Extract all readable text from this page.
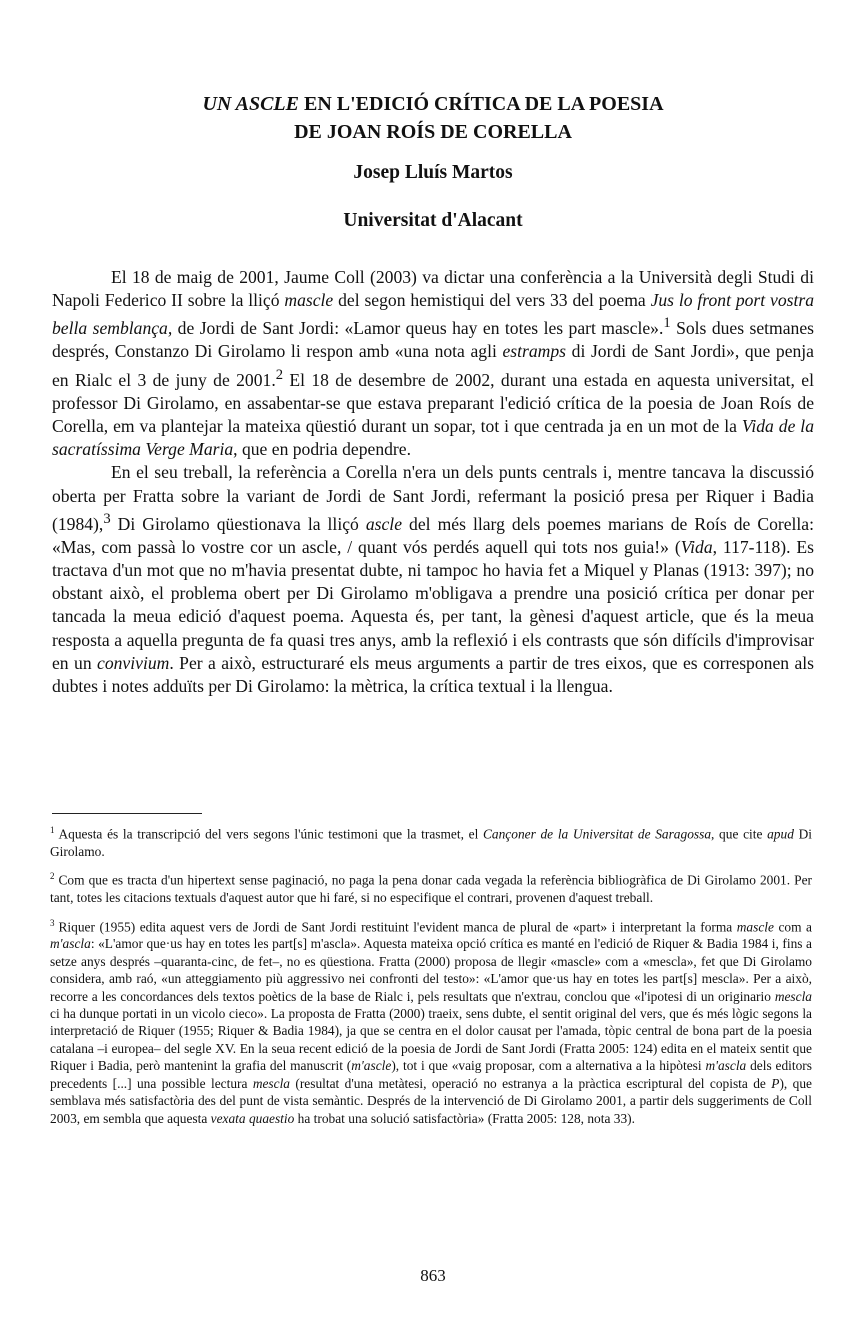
UN ASCLE EN L'EDICIÓ CRÍTICA DE LA POESIA
DE JOAN ROÍS DE CORELLA
Josep Lluís Martos
Universitat d'Alacant

El 18 de maig de 2001, Jaume Coll (2003) va dictar una conferència a la Università degli Studi di Napoli Federico II sobre la lliçó mascle del segon hemistiqui del vers 33 del poema Jus lo front port vostra bella semblança, de Jordi de Sant Jordi: «Lamor queus hay en totes les part mascle».$^1$ Sols dues setmanes després, Constanzo Di Girolamo li respon amb «una nota agli estramps di Jordi de Sant Jordi», que penja en Rialc el 3 de juny de 2001.$^2$ El 18 de desembre de 2002, durant una estada en aquesta universitat, el professor Di Girolamo, en assabentar-se que estava preparant l'edició crítica de la poesia de Joan Roís de Corella, em va plantejar la mateixa qüestió durant un sopar, tot i que centrada ja en un mot de la Vida de la sacratíssima Verge Maria, que en podria dependre.

En el seu treball, la referència a Corella n'era un dels punts centrals i, mentre tancava la discussió oberta per Fratta sobre la variant de Jordi de Sant Jordi, refermant la posició presa per Riquer i Badia (1984),$^3$ Di Girolamo qüestionava la lliçó ascle del més llarg dels poemes marians de Roís de Corella: «Mas, com passà lo vostre cor un ascle, / quant vós perdés aquell qui tots nos guia!» (Vida, 117-118). Es tractava d'un mot que no m'havia presentat dubte, ni tampoc ho havia fet a Miquel y Planas (1913: 397); no obstant això, el problema obert per Di Girolamo m'obligava a prendre una posició crítica per donar per tancada la meua edició d'aquest poema. Aquesta és, per tant, la gènesi d'aquest article, que és la meua resposta a aquella pregunta de fa quasi tres anys, amb la reflexió i els contrasts que són difícils d'improvisar en un convivium. Per a això, estructuraré els meus arguments a partir de tres eixos, que es corresponen als dubtes i notes adduïts per Di Girolamo: la mètrica, la crítica textual i la llengua.

$^1$ Aquesta és la transcripció del vers segons l'únic testimoni que la trasmet, el Cançoner de la Universitat de Saragossa, que cite apud Di Girolamo.

$^2$ Com que es tracta d'un hipertext sense paginació, no paga la pena donar cada vegada la referència bibliogràfica de Di Girolamo 2001. Per tant, totes les citacions textuals d'aquest autor que hi faré, si no especifique el contrari, provenen d'aquest treball.

$^3$ Riquer (1955) edita aquest vers de Jordi de Sant Jordi restituint l'evident manca de plural de «part» i interpretant la forma mascle com a m'ascla: «L'amor que·us hay en totes les part[s] m'ascla». Aquesta mateixa opció crítica es manté en l'edició de Riquer & Badia 1984 i, fins a setze anys després –quaranta-cinc, de fet–, no es qüestiona. Fratta (2000) proposa de llegir «mascle» com a «mescla», fet que Di Girolamo considera, amb raó, «un atteggiamento più aggressivo nei confronti del testo»: «L'amor que·us hay en totes les part[s] mescla». Per a això, recorre a les concordances dels textos poètics de la base de Rialc i, pels resultats que n'extrau, conclou que «l'ipotesi di un originario mescla ci ha dunque portati in un vicolo cieco». La proposta de Fratta (2000) traeix, sens dubte, el sentit original del vers, que és més lògic segons la interpretació de Riquer (1955; Riquer & Badia 1984), ja que se centra en el dolor causat per l'amada, tòpic central de bona part de la poesia catalana –i europea– del segle XV. En la seua recent edició de la poesia de Jordi de Sant Jordi (Fratta 2005: 124) edita en el mateix sentit que Riquer i Badia, però mantenint la grafia del manuscrit (m'ascle), tot i que «vaig proposar, com a alternativa a la hipòtesi m'ascla dels editors precedents [...] una possible lectura mescla (resultat d'una metàtesi, operació no estranya a la pràctica escriptural del copista de P), que semblava més satisfactòria des del punt de vista semàntic. Després de la intervenció de Di Girolamo 2001, a partir dels suggeriments de Coll 2003, em sembla que aquesta vexata quaestio ha trobat una solució satisfactòria» (Fratta 2005: 128, nota 33).

863
